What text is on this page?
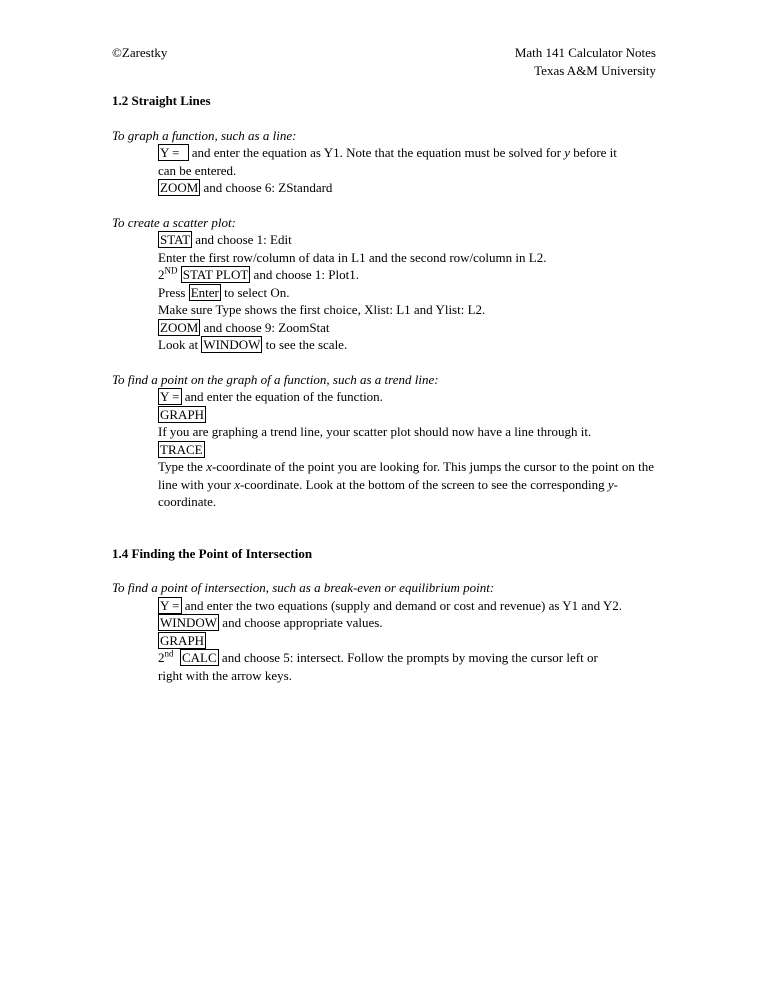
©Zarestky	Math 141 Calculator Notes
Texas A&M University
1.2 Straight Lines
To graph a function, such as a line:
Y = and enter the equation as Y1. Note that the equation must be solved for y before it
can be entered.
ZOOM and choose 6: ZStandard
To create a scatter plot:
STAT and choose 1: Edit
Enter the first row/column of data in L1 and the second row/column in L2.
2ND STAT PLOT and choose 1: Plot1.
Press Enter to select On.
Make sure Type shows the first choice, Xlist: L1 and Ylist: L2.
ZOOM and choose 9: ZoomStat
Look at WINDOW to see the scale.
To find a point on the graph of a function, such as a trend line:
Y = and enter the equation of the function.
GRAPH
If you are graphing a trend line, your scatter plot should now have a line through it.
TRACE
Type the x-coordinate of the point you are looking for. This jumps the cursor to the point on the line with your x-coordinate. Look at the bottom of the screen to see the corresponding y-coordinate.
1.4 Finding the Point of Intersection
To find a point of intersection, such as a break-even or equilibrium point:
Y = and enter the two equations (supply and demand or cost and revenue) as Y1 and Y2.
WINDOW and choose appropriate values.
GRAPH
2nd CALC and choose 5: intersect. Follow the prompts by moving the cursor left or
right with the arrow keys.
